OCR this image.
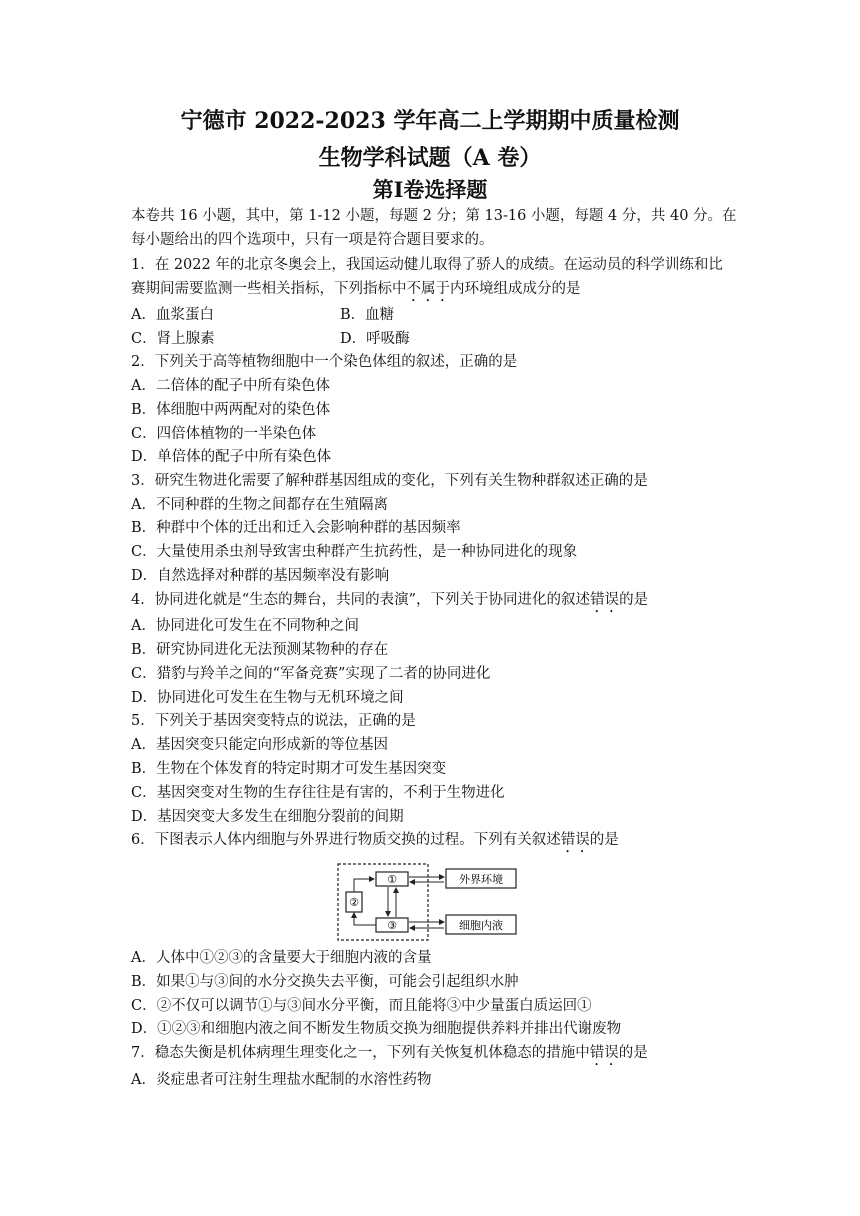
宁德市 2022-2023 学年高二上学期期中质量检测
生物学科试题（A 卷）
第Ⅰ卷选择题
本卷共 16 小题，其中，第 1-12 小题，每题 2 分；第 13-16 小题，每题 4 分，共 40 分。在
每小题给出的四个选项中，只有一项是符合题目要求的。
1．在 2022 年的北京冬奥会上，我国运动健儿取得了骄人的成绩。在运动员的科学训练和比
赛期间需要监测一些相关指标，下列指标中不属于内环境组成成分的是
A．血浆蛋白	B．血糖
C．肾上腺素	D．呼吸酶
2．下列关于高等植物细胞中一个染色体组的叙述，正确的是
A．二倍体的配子中所有染色体
B．体细胞中两两配对的染色体
C．四倍体植物的一半染色体
D．单倍体的配子中所有染色体
3．研究生物进化需要了解种群基因组成的变化，下列有关生物种群叙述正确的是
A．不同种群的生物之间都存在生殖隔离
B．种群中个体的迁出和迁入会影响种群的基因频率
C．大量使用杀虫剂导致害虫种群产生抗药性，是一种协同进化的现象
D．自然选择对种群的基因频率没有影响
4．协同进化就是“生态的舞台，共同的表演”，下列关于协同进化的叙述错误的是
A．协同进化可发生在不同物种之间
B．研究协同进化无法预测某物种的存在
C．猎豹与羚羊之间的“军备竞赛”实现了二者的协同进化
D．协同进化可发生在生物与无机环境之间
5．下列关于基因突变特点的说法，正确的是
A．基因突变只能定向形成新的等位基因
B．生物在个体发育的特定时期才可发生基因突变
C．基因突变对生物的生存往往是有害的，不利于生物进化
D．基因突变大多发生在细胞分裂前的间期
6．下图表示人体内细胞与外界进行物质交换的过程。下列有关叙述错误的是
①
③
②
外界环境
细胞内液
A．人体中①②③的含量要大于细胞内液的含量
B．如果①与③间的水分交换失去平衡，可能会引起组织水肿
C．②不仅可以调节①与③间水分平衡，而且能将③中少量蛋白质运回①
D．①②③和细胞内液之间不断发生物质交换为细胞提供养料并排出代谢废物
7．稳态失衡是机体病理生理变化之一，下列有关恢复机体稳态的措施中错误的是
A．炎症患者可注射生理盐水配制的水溶性药物
